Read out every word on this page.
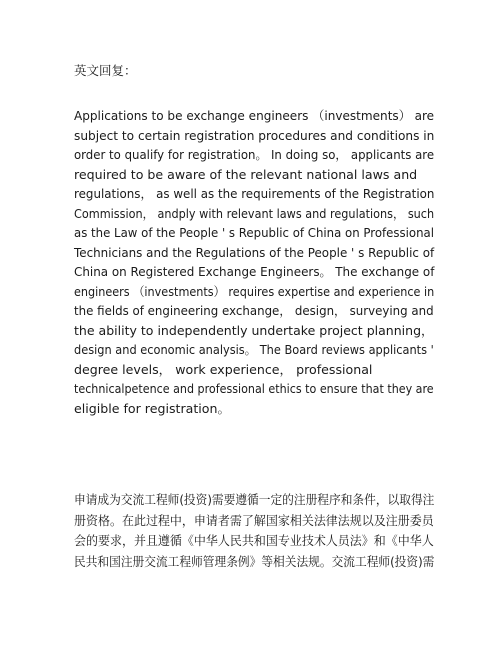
英文回复：
Applications to be exchange engineers （investments） are
subject to certain registration procedures and conditions in
order to qualify for registration。 In doing so， applicants are
required to be aware of the relevant national laws and
regulations， as well as the requirements of the Registration
Commission， andply with relevant laws and regulations， such
as the Law of the People ' s Republic of China on Professional
Technicians and the Regulations of the People ' s Republic of
China on Registered Exchange Engineers。 The exchange of
engineers （investments） requires expertise and experience in
the fields of engineering exchange， design， surveying and
the ability to independently undertake project planning，
design and economic analysis。 The Board reviews applicants '
degree levels， work experience， professional
technicalpetence and professional ethics to ensure that they are
eligible for registration。
申请成为交流工程师(投资)需要遵循一定的注册程序和条件，以取得注
册资格。在此过程中，申请者需了解国家相关法律法规以及注册委员
会的要求，并且遵循《中华人民共和国专业技术人员法》和《中华人
民共和国注册交流工程师管理条例》等相关法规。交流工程师(投资)需
